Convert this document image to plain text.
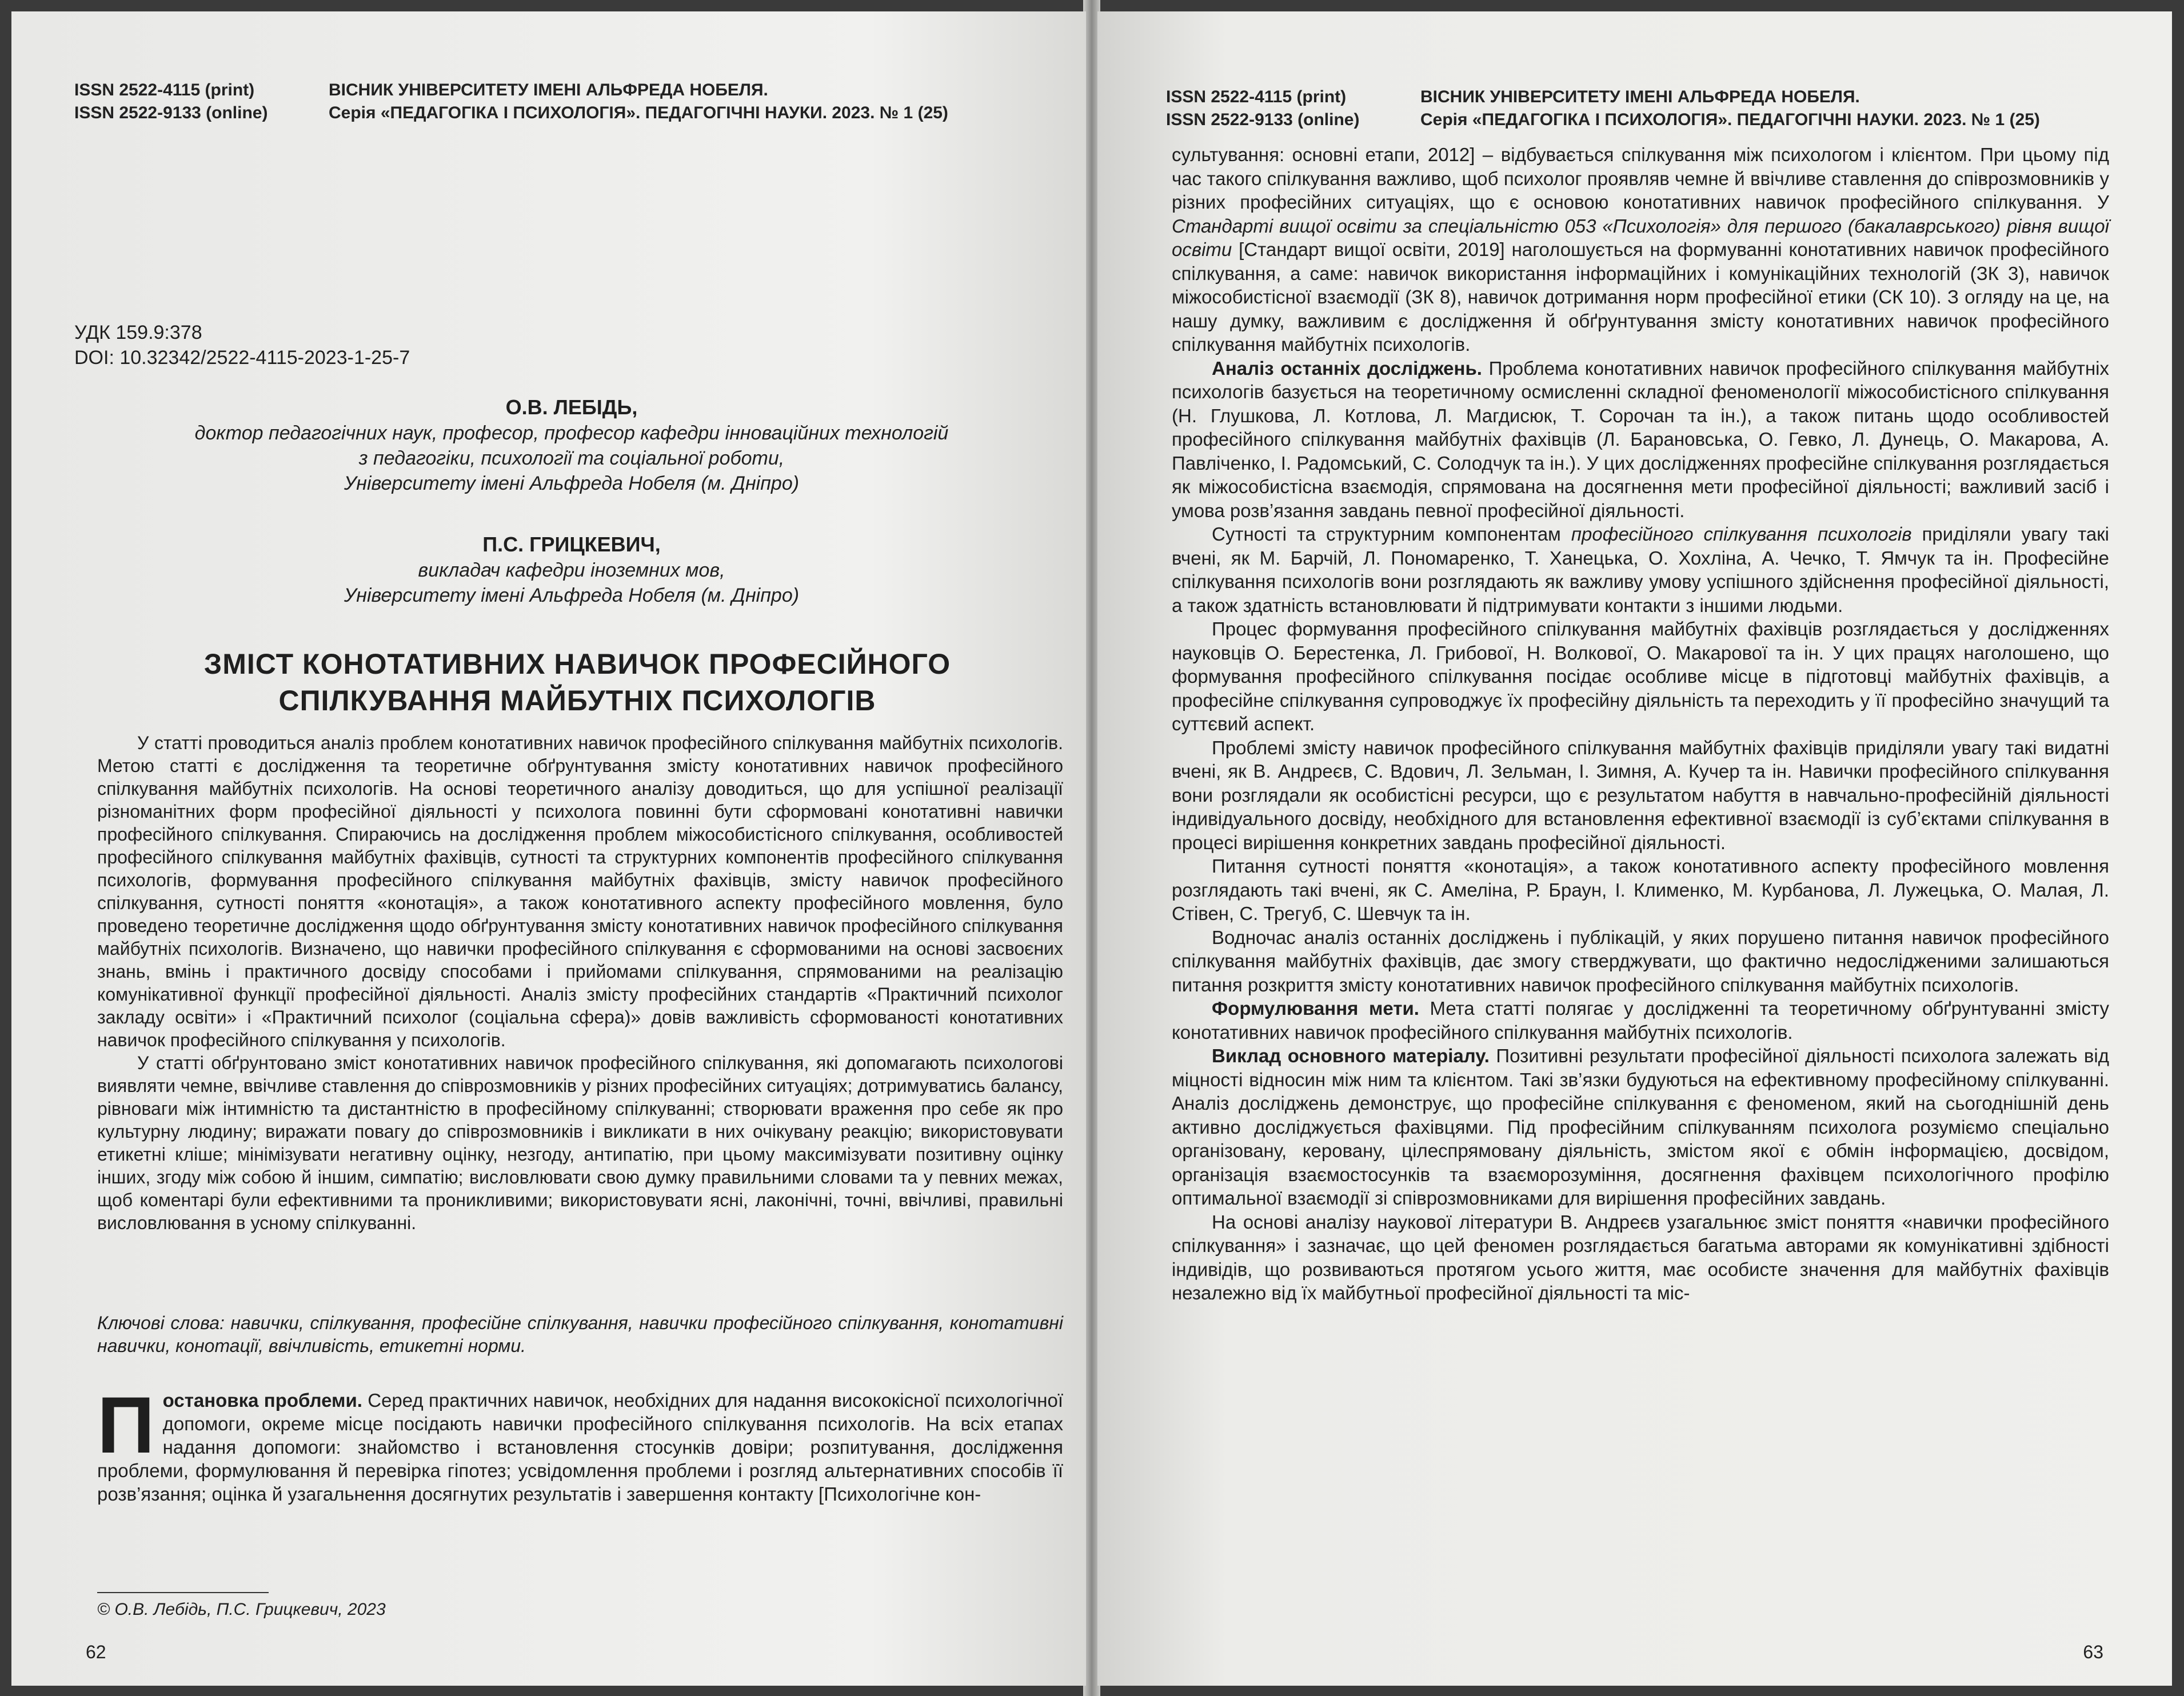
ISSN 2522-4115 (print)
ISSN 2522-9133 (online)
ВІСНИК УНІВЕРСИТЕТУ ІМЕНІ АЛЬФРЕДА НОБЕЛЯ.
Серія «ПЕДАГОГІКА І ПСИХОЛОГІЯ». ПЕДАГОГІЧНІ НАУКИ. 2023. № 1 (25)
УДК 159.9:378
DOI: 10.32342/2522-4115-2023-1-25-7
О.В. ЛЕБІДЬ,
доктор педагогічних наук, професор, професор кафедри інноваційних технологій
з педагогіки, психології та соціальної роботи,
Університету імені Альфреда Нобеля (м. Дніпро)
П.С. ГРИЦКЕВИЧ,
викладач кафедри іноземних мов,
Університету імені Альфреда Нобеля (м. Дніпро)
ЗМІСТ КОНОТАТИВНИХ НАВИЧОК ПРОФЕСІЙНОГО
СПІЛКУВАННЯ МАЙБУТНІХ ПСИХОЛОГІВ

У статті проводиться аналіз проблем конотативних навичок професійного спілкування майбутніх психологів. Метою статті є дослідження та теоретичне обґрунтування змісту конотативних навичок професійного спілкування майбутніх психологів. На основі теоретичного аналізу доводиться, що для успішної реалізації різноманітних форм професійної діяльності у психолога повинні бути сформовані конотативні навички професійного спілкування. Спираючись на дослідження проблем міжособистісного спілкування, особливостей професійного спілкування майбутніх фахівців, сутності та структурних компонентів професійного спілкування психологів, формування професійного спілкування майбутніх фахівців, змісту навичок професійного спілкування, сутності поняття «конотація», а також конотативного аспекту професійного мовлення, було проведено теоретичне дослідження щодо обґрунтування змісту конотативних навичок професійного спілкування майбутніх психологів. Визначено, що навички професійного спілкування є сформованими на основі засвоєних знань, вмінь і практичного досвіду способами і прийомами спілкування, спрямованими на реалізацію комунікативної функції професійної діяльності. Аналіз змісту професійних стандартів «Практичний психолог закладу освіти» і «Практичний психолог (соціальна сфера)» довів важливість сформованості конотативних навичок професійного спілкування у психологів.

У статті обґрунтовано зміст конотативних навичок професійного спілкування, які допомагають психологові виявляти чемне, ввічливе ставлення до співрозмовників у різних професійних ситуаціях; дотримуватись балансу, рівноваги між інтимністю та дистантністю в професійному спілкуванні; створювати враження про себе як про культурну людину; виражати повагу до співрозмовників і викликати в них очікувану реакцію; використовувати етикетні кліше; мінімізувати негативну оцінку, незгоду, антипатію, при цьому максимізувати позитивну оцінку інших, згоду між собою й іншим, симпатію; висловлювати свою думку правильними словами та у певних межах, щоб коментарі були ефективними та проникливими; використовувати ясні, лаконічні, точні, ввічливі, правильні висловлювання в усному спілкуванні.

Ключові слова: навички, спілкування, професійне спілкування, навички професійного спілкування, конотативні навички, конотації, ввічливість, етикетні норми.
Постановка проблеми. Серед практичних навичок, необхідних для надання висококісної психологічної допомоги, окреме місце посідають навички професійного спілкування психологів. На всіх етапах надання допомоги: знайомство і встановлення стосунків довіри; розпитування, дослідження проблеми, формулювання й перевірка гіпотез; усвідомлення проблеми і розгляд альтернативних способів її розв’язання; оцінка й узагальнення досягнутих результатів і завершення контакту [Психологічне кон-
© О.В. Лебідь, П.С. Грицкевич, 2023
62
ISSN 2522-4115 (print)
ISSN 2522-9133 (online)
ВІСНИК УНІВЕРСИТЕТУ ІМЕНІ АЛЬФРЕДА НОБЕЛЯ.
Серія «ПЕДАГОГІКА І ПСИХОЛОГІЯ». ПЕДАГОГІЧНІ НАУКИ. 2023. № 1 (25)

сультування: основні етапи, 2012] – відбувається спілкування між психологом і клієнтом. При цьому під час такого спілкування важливо, щоб психолог проявляв чемне й ввічливе ставлення до співрозмовників у різних професійних ситуаціях, що є основою конотативних навичок професійного спілкування. У Стандарті вищої освіти за спеціальністю 053 «Психологія» для першого (бакалаврського) рівня вищої освіти [Стандарт вищої освіти, 2019] наголошується на формуванні конотативних навичок професійного спілкування, а саме: навичок використання інформаційних і комунікаційних технологій (ЗК 3), навичок міжособистісної взаємодії (ЗК 8), навичок дотримання норм професійної етики (СК 10). З огляду на це, на нашу думку, важливим є дослідження й обґрунтування змісту конотативних навичок професійного спілкування майбутніх психологів.

Аналіз останніх досліджень. Проблема конотативних навичок професійного спілкування майбутніх психологів базується на теоретичному осмисленні складної феноменології міжособистісного спілкування (Н. Глушкова, Л. Котлова, Л. Магдисюк, Т. Сорочан та ін.), а також питань щодо особливостей професійного спілкування майбутніх фахівців (Л. Барановська, О. Гевко, Л. Дунець, О. Макарова, А. Павліченко, І. Радомський, С. Солодчук та ін.). У цих дослідженнях професійне спілкування розглядається як міжособистісна взаємодія, спрямована на досягнення мети професійної діяльності; важливий засіб і умова розв’язання завдань певної професійної діяльності.

Сутності та структурним компонентам професійного спілкування психологів приділяли увагу такі вчені, як М. Барчій, Л. Пономаренко, Т. Ханецька, О. Хохліна, А. Чечко, Т. Ямчук та ін. Професійне спілкування психологів вони розглядають як важливу умову успішного здійснення професійної діяльності, а також здатність встановлювати й підтримувати контакти з іншими людьми.

Процес формування професійного спілкування майбутніх фахівців розглядається у дослідженнях науковців О. Берестенка, Л. Грибової, Н. Волкової, О. Макарової та ін. У цих працях наголошено, що формування професійного спілкування посідає особливе місце в підготовці майбутніх фахівців, а професійне спілкування супроводжує їх професійну діяльність та переходить у її професійно значущий та суттєвий аспект.

Проблемі змісту навичок професійного спілкування майбутніх фахівців приділяли увагу такі видатні вчені, як В. Андреєв, С. Вдович, Л. Зельман, І. Зимня, А. Кучер та ін. Навички професійного спілкування вони розглядали як особистісні ресурси, що є результатом набуття в навчально-професійній діяльності індивідуального досвіду, необхідного для встановлення ефективної взаємодії із суб’єктами спілкування в процесі вирішення конкретних завдань професійної діяльності.

Питання сутності поняття «конотація», а також конотативного аспекту професійного мовлення розглядають такі вчені, як С. Амеліна, Р. Браун, І. Клименко, М. Курбанова, Л. Лужецька, О. Малая, Л. Стівен, С. Трегуб, С. Шевчук та ін.

Водночас аналіз останніх досліджень і публікацій, у яких порушено питання навичок професійного спілкування майбутніх фахівців, дає змогу стверджувати, що фактично недослідженими залишаються питання розкриття змісту конотативних навичок професійного спілкування майбутніх психологів.

Формулювання мети. Мета статті полягає у дослідженні та теоретичному обґрунтуванні змісту конотативних навичок професійного спілкування майбутніх психологів.

Виклад основного матеріалу. Позитивні результати професійної діяльності психолога залежать від міцності відносин між ним та клієнтом. Такі зв’язки будуються на ефективному професійному спілкуванні. Аналіз досліджень демонструє, що професійне спілкування є феноменом, який на сьогоднішній день активно досліджується фахівцями. Під професійним спілкуванням психолога розуміємо спеціально організовану, керовану, цілеспрямовану діяльність, змістом якої є обмін інформацією, досвідом, організація взаємостосунків та взаєморозуміння, досягнення фахівцем психологічного профілю оптимальної взаємодії зі співрозмовниками для вирішення професійних завдань.

На основі аналізу наукової літератури В. Андреєв узагальнює зміст поняття «навички професійного спілкування» і зазначає, що цей феномен розглядається багатьма авторами як комунікативні здібності індивідів, що розвиваються протягом усього життя, має особисте значення для майбутніх фахівців незалежно від їх майбутньої професійної діяльності та міс-

63
